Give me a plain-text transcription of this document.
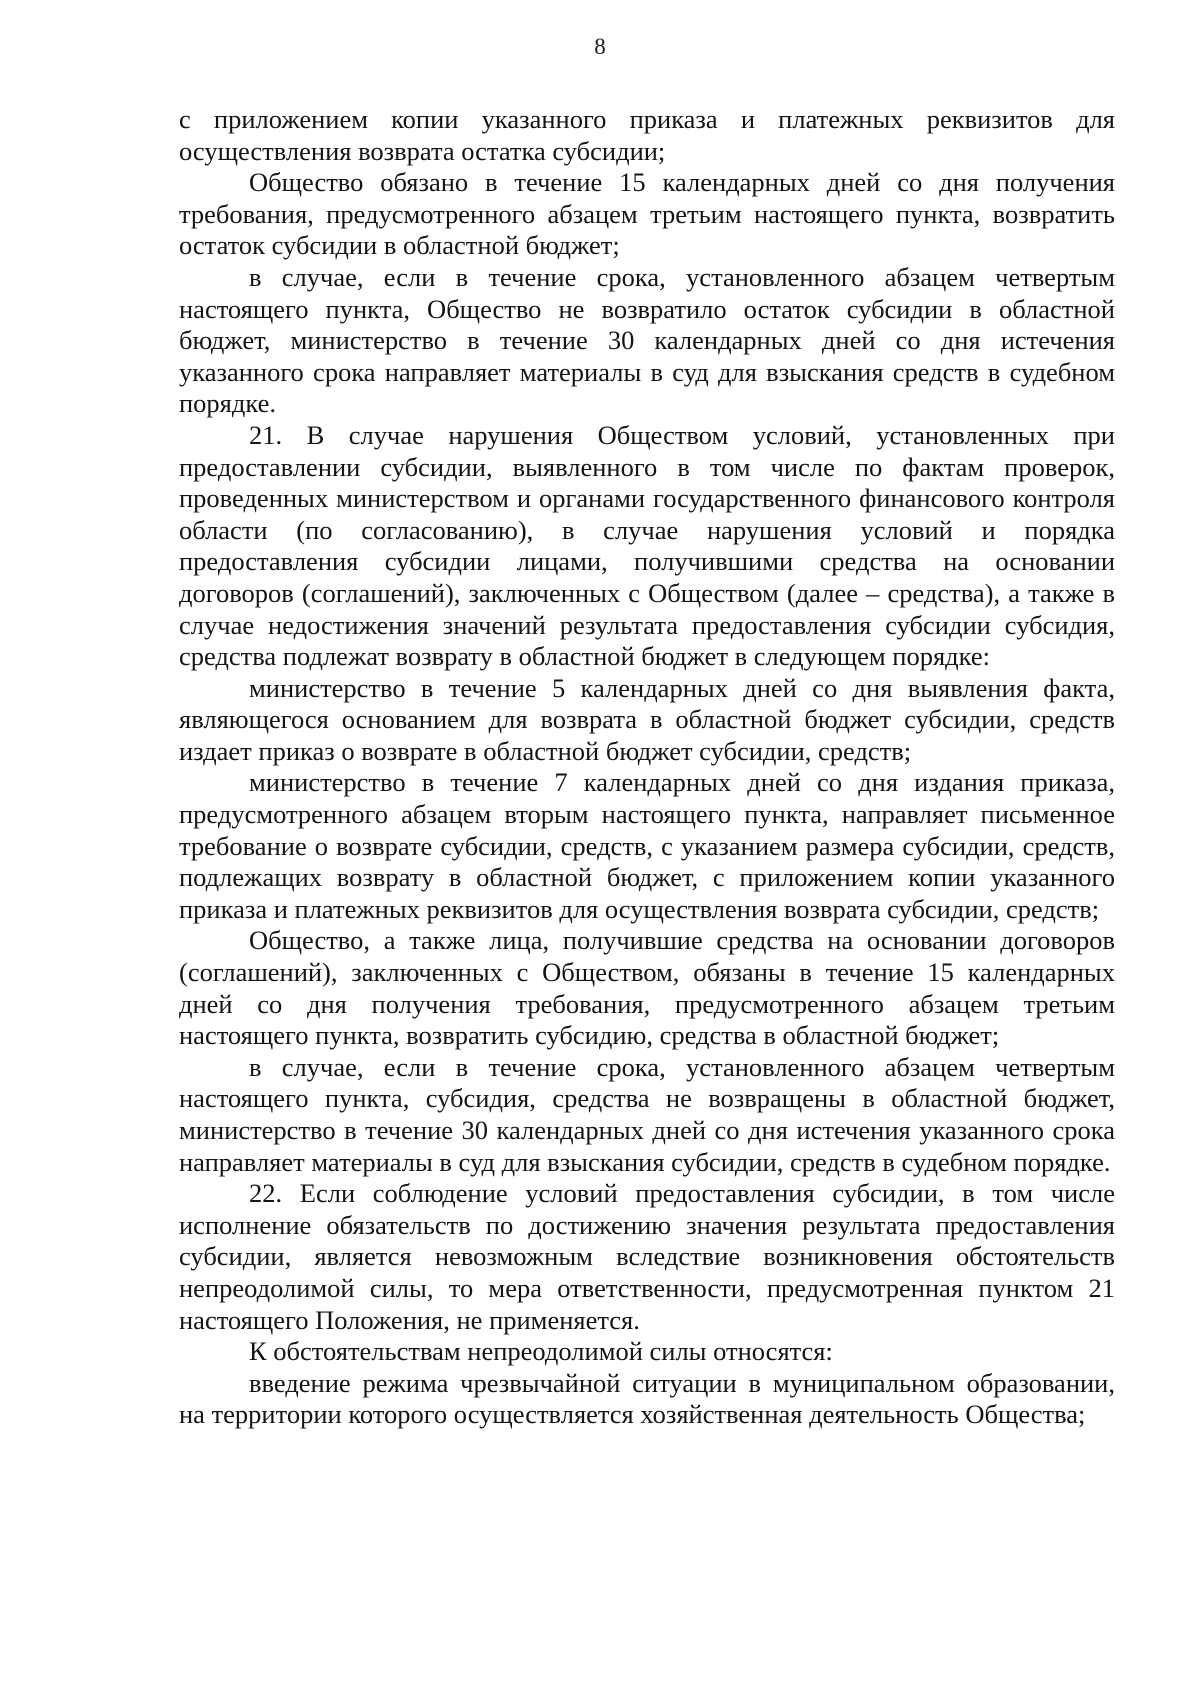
8

с приложением копии указанного приказа и платежных реквизитов для осуществления возврата остатка субсидии;

Общество обязано в течение 15 календарных дней со дня получения требования, предусмотренного абзацем третьим настоящего пункта, возвратить остаток субсидии в областной бюджет;

в случае, если в течение срока, установленного абзацем четвертым настоящего пункта, Общество не возвратило остаток субсидии в областной бюджет, министерство в течение 30 календарных дней со дня истечения указанного срока направляет материалы в суд для взыскания средств в судебном порядке.

21. В случае нарушения Обществом условий, установленных при предоставлении субсидии, выявленного в том числе по фактам проверок, проведенных министерством и органами государственного финансового контроля области (по согласованию), в случае нарушения условий и порядка предоставления субсидии лицами, получившими средства на основании договоров (соглашений), заключенных с Обществом (далее – средства), а также в случае недостижения значений результата предоставления субсидии субсидия, средства подлежат возврату в областной бюджет в следующем порядке:

министерство в течение 5 календарных дней со дня выявления факта, являющегося основанием для возврата в областной бюджет субсидии, средств издает приказ о возврате в областной бюджет субсидии, средств;

министерство в течение 7 календарных дней со дня издания приказа, предусмотренного абзацем вторым настоящего пункта, направляет письменное требование о возврате субсидии, средств, с указанием размера субсидии, средств, подлежащих возврату в областной бюджет, с приложением копии указанного приказа и платежных реквизитов для осуществления возврата субсидии, средств;

Общество, а также лица, получившие средства на основании договоров (соглашений), заключенных с Обществом, обязаны в течение 15 календарных дней со дня получения требования, предусмотренного абзацем третьим настоящего пункта, возвратить субсидию, средства в областной бюджет;

в случае, если в течение срока, установленного абзацем четвертым настоящего пункта, субсидия, средства не возвращены в областной бюджет, министерство в течение 30 календарных дней со дня истечения указанного срока направляет материалы в суд для взыскания субсидии, средств в судебном порядке.

22. Если соблюдение условий предоставления субсидии, в том числе исполнение обязательств по достижению значения результата предоставления субсидии, является невозможным вследствие возникновения обстоятельств непреодолимой силы, то мера ответственности, предусмотренная пунктом 21 настоящего Положения, не применяется.

К обстоятельствам непреодолимой силы относятся:

введение режима чрезвычайной ситуации в муниципальном образовании, на территории которого осуществляется хозяйственная деятельность Общества;
